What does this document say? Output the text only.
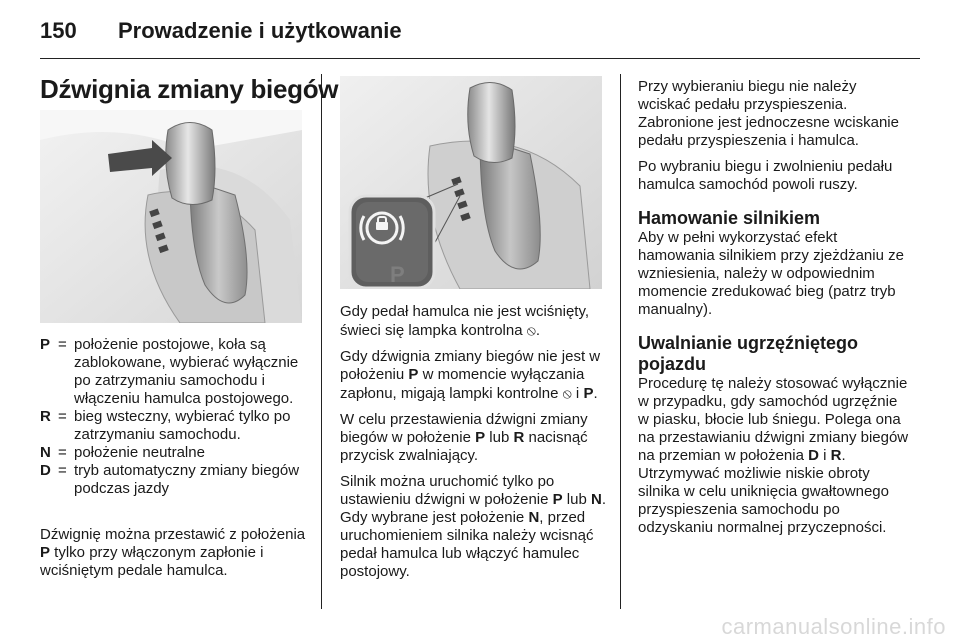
150 Prowadzenie i użytkowanie
Dźwignia zmiany biegów
P
P = położenie postojowe, koła są zablokowane, wybierać wyłącznie po zatrzymaniu samochodu i włączeniu hamulca postojowego.
R = bieg wsteczny, wybierać tylko po zatrzymaniu samochodu.
N = położenie neutralne
D = tryb automatyczny zmiany biegów podczas jazdy

Dźwignię można przestawić z położenia P tylko przy włączonym zapłonie i wciśniętym pedale hamulca.

Gdy pedał hamulca nie jest wciśnięty, świeci się lampka kontrolna ⦸.

Gdy dźwignia zmiany biegów nie jest w położeniu P w momencie wyłączania zapłonu, migają lampki kontrolne ⦸ i P.

W celu przestawienia dźwigni zmiany biegów w położenie P lub R nacisnąć przycisk zwalniający.

Silnik można uruchomić tylko po ustawieniu dźwigni w położenie P lub N. Gdy wybrane jest położenie N, przed uruchomieniem silnika należy wcisnąć pedał hamulca lub włączyć hamulec postojowy.

Przy wybieraniu biegu nie należy wciskać pedału przyspieszenia. Zabronione jest jednoczesne wciskanie pedału przyspieszenia i hamulca.

Po wybraniu biegu i zwolnieniu pedału hamulca samochód powoli ruszy.

Hamowanie silnikiem

Aby w pełni wykorzystać efekt hamowania silnikiem przy zjeżdżaniu ze wzniesienia, należy w odpowiednim momencie zredukować bieg (patrz tryb manualny).

Uwalnianie ugrzęźniętego pojazdu

Procedurę tę należy stosować wyłącznie w przypadku, gdy samochód ugrzęźnie w piasku, błocie lub śniegu. Polega ona na przestawianiu dźwigni zmiany biegów na przemian w położenia D i R. Utrzymywać możliwie niskie obroty silnika w celu uniknięcia gwałtownego przyspieszenia samochodu po odzyskaniu normalnej przyczepności.

carmanualsonline.info
